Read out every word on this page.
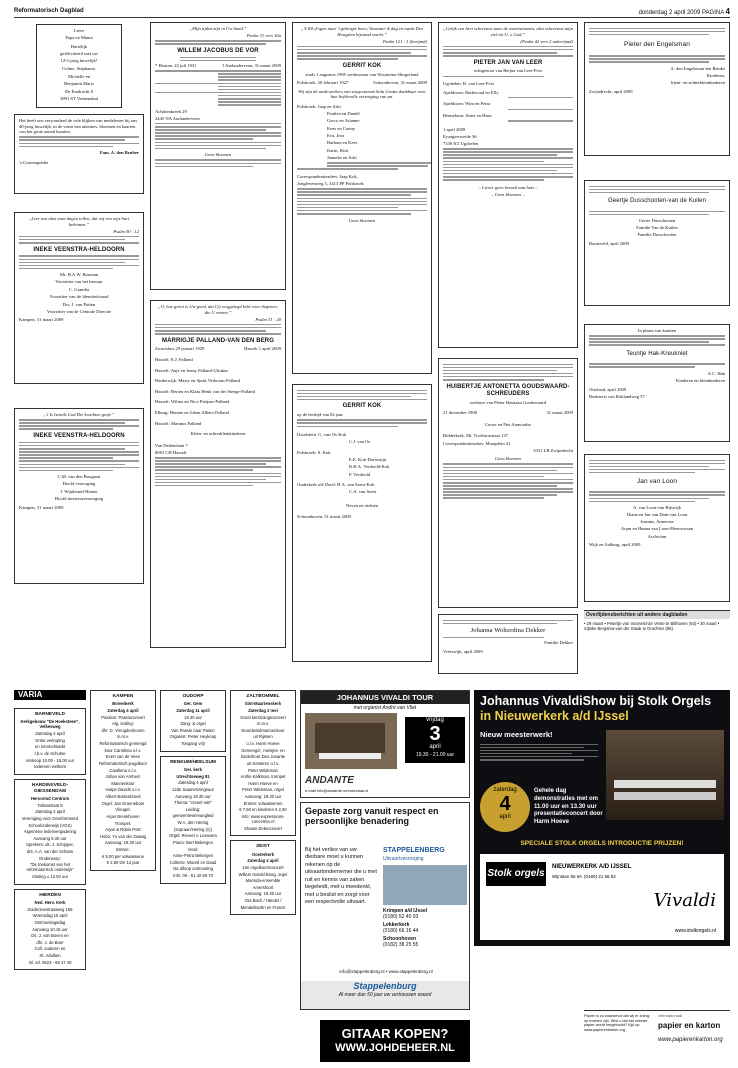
Reformatorisch Dagblad	donderdag 2 april 2009 PAGINA 4

Lieve

Papa en Mama

Hartelijk

gefeliciteerd met uw

12½-jarig huwelijk!

Coline, Stéphanie,

Michelle en

Benjamin Marts

De Emdracht 8

3891 ST Veenendaal

Het heeft ons verwonderd de vele blijken van medeleven bij ons 40-jarig huwelijk, in de vorm van attenties, bloemen en kaarten van het grote aantal kaarten.

Fam. A. den Bruber

's-Gravenpolder

„Leer ons alzo onze dagen tellen, dat wij een wijs hart bekomen.”

Psalm 90 : 12

INEKE VEENSTRA-HELDOORN

Mr. H.A.W. Bouman

Voorzitter van het bestuur

C. Grandia

Voorzitter van de Identiteitsraad

Drs. J. van Putten

Voorzitter van de Centrale Directie

Kampen, 31 maart 2009

„'t Is Israëls God Die krachten geeft.”

INEKE VEENSTRA-HELDOORN

C.M. van den Boogaart

Hoofd verzorging

J. Wijnbrand-Hamer

Hoofd interieurverzorging

Kampen, 31 maart 2009

„Mijn tijden zijn in Uw hand.”

Psalm 31 vers 16a

WILLEM JACOBUS DE VOR

* Houten, 22 juli 1931	† Aarlanderveen, 31 maart 2009

Achttienkreek 29

2445 NA Aarlanderveen

Geen bloemen

„O, hoe groot is Uw goed, dat Gij weggelegd hebt voor degenen, die U vrezen.”

Psalm 31 : 20

MARRIGJE PALLAND-VAN DEN BERG

Zwartsluis 29 januari 1929	Hasselt 1 april 2009

Hasselt: E.J. Palland

Hasselt: Anje en Jenny Palland-Ulrukur

Harderwijk: Marry en Sjaak Verboom-Palland

Hasselt: Berien en Klaas Henk van der Steege-Palland

Hasselt: Wilma en Nico Pietjaar-Palland

Elburg: Hennie en Johan Albers-Palland

Hasselt: Marinus Palland

Klein- en achterkleinkinderen

Van Dedemlaan 7

8061 CH Hasselt

„'k Ril d'ogen naar 't gebergte heen, Vanwaar ik dag en nacht Des Hoogsten bijstand wacht.”

Psalm 121 : 1 (berijmd)

GERRIT KOK

sinds 1 augustus 1995 weduwnaar van Wouterina Slingerland

Polsbroek, 20 februari 1927	Schoonhoven, 31 maart 2009

Wij zijn de medewerkers van zorgcentrum Sola Gratia dankbaar voor hun liefdevolle verzorging van pa.

Polsbroek: Jaap en Adri

Paulien en Daniël

Gerco en Arianne

Kees en Conny

Eva, Jora

Barbara en Kees

Karin, Rick

Janneke en Adri

Correspondentieadres: Jaap Kok,

Jonglevenweg 5, 3413 PP Polsbroek

Geen bloemen

GERRIT KOK

op de leeftijd van 82 jaar.

IJsselstein: G. van Os-Kok

C.J. van Os

Polsbroek: S. Kok

E.E. Kok-Dorrestijn

R.H.A. Verdoold-Kok

P. Verdoold

Ouderkerk a/d IJssel: H.A. van Soest-Kok

C.A. van Soest

Neven en nichten

Schoonhoven, 31 maart 2009

„Gelijk een hert schreeuwt naar de waterstromen, alzo schreeuwt mijn ziel tot U, o God.”

(Psalm 42 vers 2 onberijmd)

PIETER JAN VAN LEER

echtgenoot van Reijna van Leer-Post

Ugchelen: R. van Leer-Post

Apeldoorn: Ruthwoud en Elly

Apeldoorn: Wim en Petra

Bennekom: Arnet en Hans

1 april 2009

Eyzagersweide 36

7339 KT Ugchelen

– Liever geen bezoek aan huis –

– Geen bloemen –

HUIBERTJE ANTONETTA GOUDSWAARD-SCHREUDERS

weduwe van Pieter Bastiaan Goudswaard

21 december 1908	31 maart 2009

Corrie en Piet Aarnoudse

Ridderkerk, Mr. Troelstrastraat 137

Correspondentieadres: Maasplein 41

3331 LB Zwijndrecht

Geen bloemen

Johanna Wolterdina Dekker

Familie Dekker

Vreeswijk, april 2009

Pieter den Engelsman

A. den Engelsman-ten Brinke

Kinderen,

klein- en achterkleinkinderen

Zwijndrecht, april 2009

Geertje Dusschooten-van de Kuilen

Gerrie Dusschooten

Familie Van de Kuilen

Familie Dusschooten

Barneveld, april 2009

In plaats van kaarten

Teuntje Hak-Kreukniet

A.C. Hak

Kinderen en kleinkinderen

Ottoland, april 2009

Beekserts van Roklandweg 37

Jan van Loon

A. van Loon-van Bijswijk

Diana en Jan van Dam-van Loon

Joannis, Annerose

Arjan en Hanna van Loon-Meeuwissen

Aschwinn

Wijk en Aalburg, april 2009

Overlijdensberichten uit andere dagbladen

• 29 maart • Petertje van Voorveld-de Vente te Bilthoven (93) • 30 maart • Sijtske Bergsma-van der Staak te Drachten (85).

VARIA

BARNEVELD

Kerkgebouw "De Hoeksteen", Velkesweg

Zaterdag 4 april

Grote verkoping

en rommelmarkt

t.b.v. de Schutse

Verkoop 10.00 - 15.00 uur

Iedereen welkom

HARDINXVELD-GIESSENDAM

Hervormd Centrum

Talmastraat 8

Zaterdag 4 april

Vereniging voor Gereformeerd

Schoolonderwijs (VGS)

Algemene ledenvergadering

Aanvang 9.30 uur

Sprekers: ds. J. Schipper,

drs. A.A. van der Schans

Onderwerp:

"De toekomst van het reformatorisch onderwijs"

Sluiting ± 13.00 uur

HIERDEN

Ned. Herv. Kerk

Zuiderzeestraatweg 169

Woensdag 15 april

Ontmoetingsdag

Aanvang 10.15 uur

Ds. J. van Boven en

dhr. J. de Boer

Coll. ouderen en

St. Adullam

Inl. tel. 0523 - 66 17 49

KAMPEN

Bovenkerk

Zaterdag 4 april

Passion: Passioconcert

Alg. leiding:

dhr. D. Vreugdenhoven

m.m.v.

Reformatorisch gemengd

koor Cantilena o.l.v.

Evert van de Veen

Reformatorisch jeugdkoor

Cantilena o.l.v.

Johan van Arnhem

Mannenkoor

Harpe Davids o.l.v.

Albert Bolsenbroek

Orgel: Jan Groeneboer

Vleugel:

Arjan Breukhoven

Trompet:

Arjan & Robin Post

Hobo: Yu van der Zwaag

Aanvang: 19.30 uur

Entree:

€ 5,00 per volwassene

€ 2,50 t/m 12 jaar

OUDORP

Ger. Gem

Zaterdag 11 april

19.30 uur

Zang- & orgel

Van Passie naar Pasen

Organist: Pieter Heykoop

Toegang vrij!

RENKUM/HEELSUM

Ger. kerk

Utrechtseweg 81

Zaterdag 4 april

12de Saamenzingsuur

Aanvang 19.30 uur

Thema: "creeel niet"

Leiding:

gemeenteviervangleid

W.A. den Hertog

(sopraan/Hertog (n))

Orgel: Reveel v. Leeuwen

Piano: Bert Bekergen

Viool:

Anne-Petra Bekergen

Collecte: Woord en Daad

Na afloop ontmoeting

Info: 06 - 51 42 59 70

ZALTBOMMEL

Sint-Maartenskerk

Zaterdag 2 mei

Groot kerstzangsconcert

m.m.v.

Noordwindmannenkoor

uit Rijssen

o.l.v. Harm Hoeve

Gemengd-, meisjes- en

kinderkoor Deo Juvante

uit Kesteren o.l.v.

Peter Wildeman

Anthe Kalkman, trompet

Harm Hoeve en

Peter Wildeman, orgel

Aanvang: 19.30 uur

Entree: volwassenen

€ 7,50 en kinderen € 2,50

Info: www.expressions-concerten.nl

Shaam-Zekeconcert

ZEIST

Oosterkerk

Zaterdag 4 april

10e orgelkoorsconcert

Willem Harold Boog, orgel

Marinda-ensemble

Amersfoort

Aanvang: 19.30 uur

Ora Bach / Händel /

Mendelssohn en Franck

JOHANNUS VIVALDI TOUR
met organist André van Vliet
vrijdag
3
april
19.30 - 21.00 uur
ANDANTE
e-mail info@andante-veenendaal.nl
Gepaste zorg vanuit respect en persoonlijke benadering
Bij het verlies van uw dierbare moet u kunnen rekenen op de uitvaartondernemer die u met ruit en kennis van zaken begeleidt, met u meedenkt, met u beslist en zorgt voor een respectvolle uitvaart.
STAPPELENBERG
Uitvaartverzorging

Krimpen a/d IJssel

(0180) 52 40 03

Lekkerkerk

(0180) 66 16 44

Schoonhoven

(0182) 38 25 55

info@stappelenberg.nl • www.stappelenberg.nl
Stappelenburg
Al meer dan 50 jaar uw vertrouwen waard
GITAAR KOPEN?
WWW.JOHDEHEER.NL
Johannus VivaldiShow bij Stolk Orgels
in Nieuwerkerk a/d IJssel
Nieuw meesterwerk!
zaterdag
4
april
Gehele dag demonstraties met om 11.00 uur en 13.30 uur presentatieconcert door Harm Hoeve
SPECIALE STOLK ORGELS INTRODUCTIE PRIJZEN!
Stolk orgels
NIEUWERKERK A/D IJSSEL
Wijnlaan 55 tel. (0180) 21 56 52
Vivaldi
www.stolkorgels.nl
Papier is zo waardevol dat wij er zuinig op moeten zijn. Wist u dat het meeste papier wordt hergebruikt? Kijk op www.papierenkarton.org
internationaal
papier en karton
www.papierenkarton.org
